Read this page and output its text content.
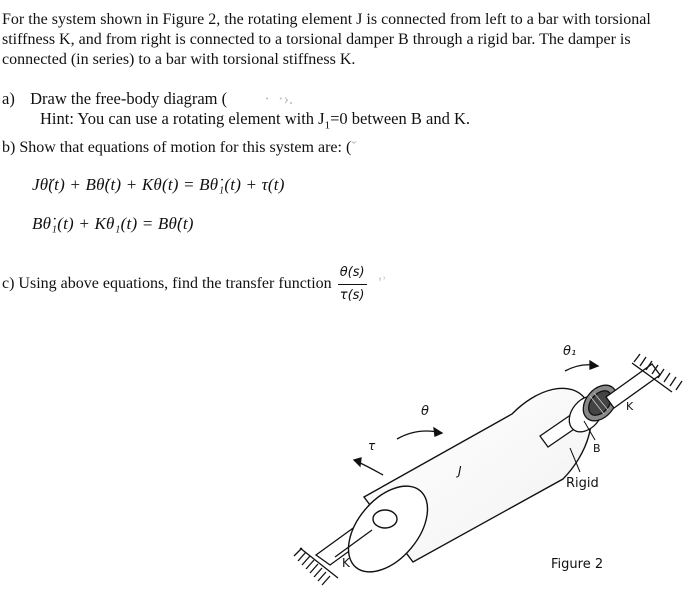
For the system shown in Figure 2, the rotating element J is connected from left to a bar with torsional stiffness K, and from right is connected to a torsional damper B through a rigid bar. The damper is connected (in series) to a bar with torsional stiffness K.

a) Draw the free-body diagram (         ·  ·›.
Hint: You can use a rotating element with $J_1=0$ between B and K.
b) Show that equations of motion for this system are: (ˇ
Jθ̈(t) + Bθ̇(t) + Kθ(t) = Bθ̇₁(t) + τ(t)
Bθ̇₁(t) + Kθ₁(t) = Bθ̇(t)
c) Using above equations, find the transfer function $\frac{\theta(s)}{\tau(s)}$ 'ʾ
θ
τ
J
K
θ₁
K
B
Rigid
Figure 2
